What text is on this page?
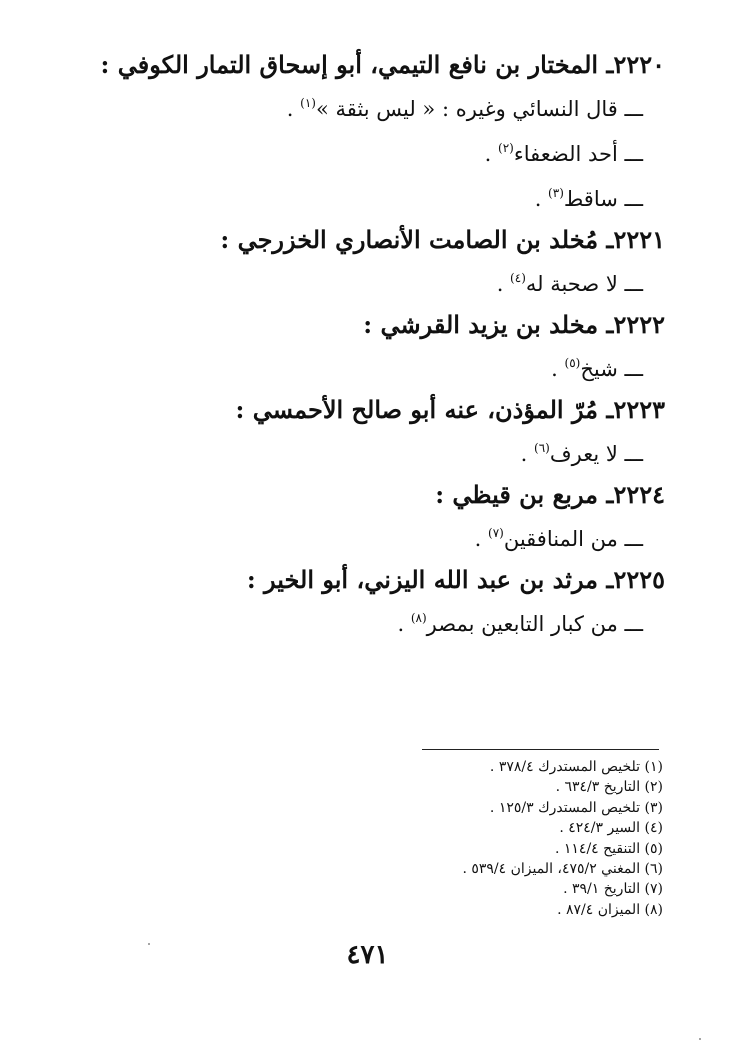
٢٢٢٠ـ المختار بن نافع التيمي، أبو إسحاق التمار الكوفي :
ـــ قال النسائي وغيره : « ليس بثقة »$^{(١)}$ .
ـــ أحد الضعفاء$^{(٢)}$ .
ـــ ساقط$^{(٣)}$ .
٢٢٢١ـ مُخلد بن الصامت الأنصاري الخزرجي :
ـــ لا صحبة له$^{(٤)}$ .
٢٢٢٢ـ مخلد بن يزيد القرشي :
ـــ شيخ$^{(٥)}$ .
٢٢٢٣ـ مُرّ المؤذن، عنه أبو صالح الأحمسي :
ـــ لا يعرف$^{(٦)}$ .
٢٢٢٤ـ مربع بن قيظي :
ـــ من المنافقين$^{(٧)}$ .
٢٢٢٥ـ مرثد بن عبد الله اليزني، أبو الخير :
ـــ من كبار التابعين بمصر$^{(٨)}$ .
(١) تلخيص المستدرك ٣٧٨/٤ .
(٢) التاريخ ٦٣٤/٣ .
(٣) تلخيص المستدرك ١٢٥/٣ .
(٤) السير ٤٢٤/٣ .
(٥) التنقيح ١١٤/٤ .
(٦) المغني ٤٧٥/٢، الميزان ٥٣٩/٤ .
(٧) التاريخ ٣٩/١ .
(٨) الميزان ٨٧/٤ .
٤٧١
